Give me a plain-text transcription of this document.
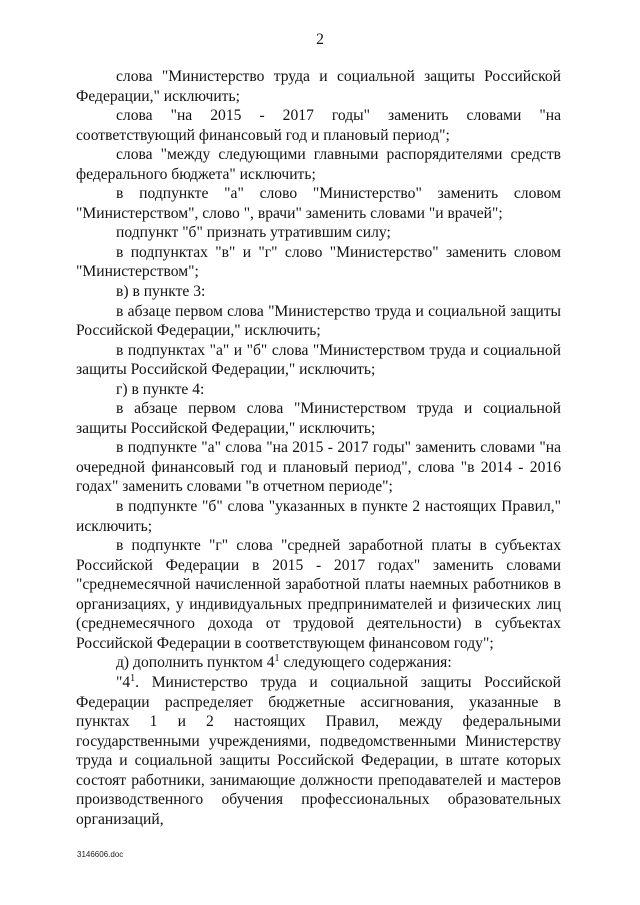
2

слова "Министерство труда и социальной защиты Российской Федерации," исключить;

слова "на 2015 - 2017 годы" заменить словами "на соответствующий финансовый год и плановый период";

слова "между следующими главными распорядителями средств федерального бюджета" исключить;

в подпункте "а" слово "Министерство" заменить словом "Министерством", слово ", врачи" заменить словами "и врачей";

подпункт "б" признать утратившим силу;

в подпунктах "в" и "г" слово "Министерство" заменить словом "Министерством";

в) в пункте 3:

в абзаце первом слова "Министерство труда и социальной защиты Российской Федерации," исключить;

в подпунктах "а" и "б" слова "Министерством труда и социальной защиты Российской Федерации," исключить;

г) в пункте 4:

в абзаце первом слова "Министерством труда и социальной защиты Российской Федерации," исключить;

в подпункте "а" слова "на 2015 - 2017 годы" заменить словами "на очередной финансовый год и плановый период", слова "в 2014 - 2016 годах" заменить словами "в отчетном периоде";

в подпункте "б" слова "указанных в пункте 2 настоящих Правил," исключить;

в подпункте "г" слова "средней заработной платы в субъектах Российской Федерации в 2015 - 2017 годах" заменить словами "среднемесячной начисленной заработной платы наемных работников в организациях, у индивидуальных предпринимателей и физических лиц (среднемесячного дохода от трудовой деятельности) в субъектах Российской Федерации в соответствующем финансовом году";

д) дополнить пунктом $4^1$ следующего содержания:

"$4^1$. Министерство труда и социальной защиты Российской Федерации распределяет бюджетные ассигнования, указанные в пунктах 1 и 2 настоящих Правил, между федеральными государственными учреждениями, подведомственными Министерству труда и социальной защиты Российской Федерации, в штате которых состоят работники, занимающие должности преподавателей и мастеров производственного обучения профессиональных образовательных организаций,

3146606.doc
